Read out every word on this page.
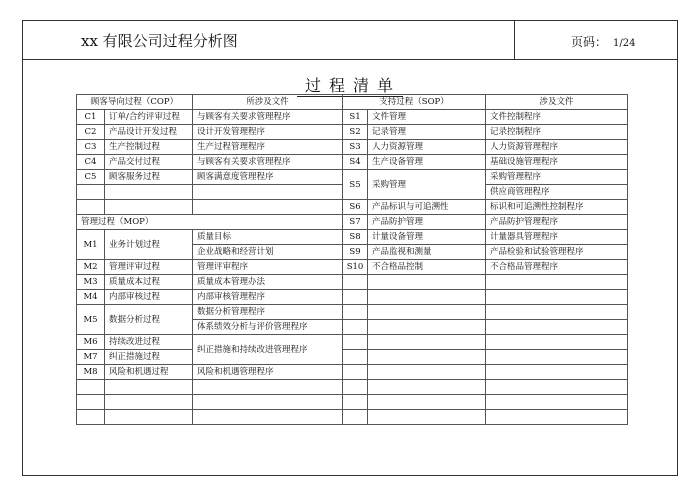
xx 有限公司过程分析图	页码： 1/24
过程清单
顾客导向过程（COP）		所涉及文件	支持过程（SOP）		涉及文件
C1	订单/合约评审过程	与顾客有关要求管理程序	S1	文件管理	文件控制程序
C2	产品设计开发过程	设计开发管理程序	S2	记录管理	记录控制程序
C3	生产控制过程	生产过程管理程序	S3	人力资源管理	人力资源管理程序
C4	产品交付过程	与顾客有关要求管理程序	S4	生产设备管理	基础设施管理程序
C5	顾客服务过程	顾客满意度管理程序	S5	采购管理	采购管理程序
					供应商管理程序
			S6	产品标识与可追溯性	标识和可追溯性控制程序
管理过程（MOP）			S7	产品防护管理	产品防护管理程序
M1	业务计划过程	质量目标	S8	计量设备管理	计量器具管理程序
		企业战略和经营计划	S9	产品监视和测量	产品检验和试验管理程序
M2	管理评审过程	管理评审程序	S10	不合格品控制	不合格品管理程序
M3	质量成本过程	质量成本管理办法			
M4	内部审核过程	内部审核管理程序			
M5	数据分析过程	数据分析管理程序			
		体系绩效分析与评价管理程序			
M6	持续改进过程	纠正措施和持续改进管理程序			
M7	纠正措施过程				
M8	风险和机遇过程	风险和机遇管理程序			
